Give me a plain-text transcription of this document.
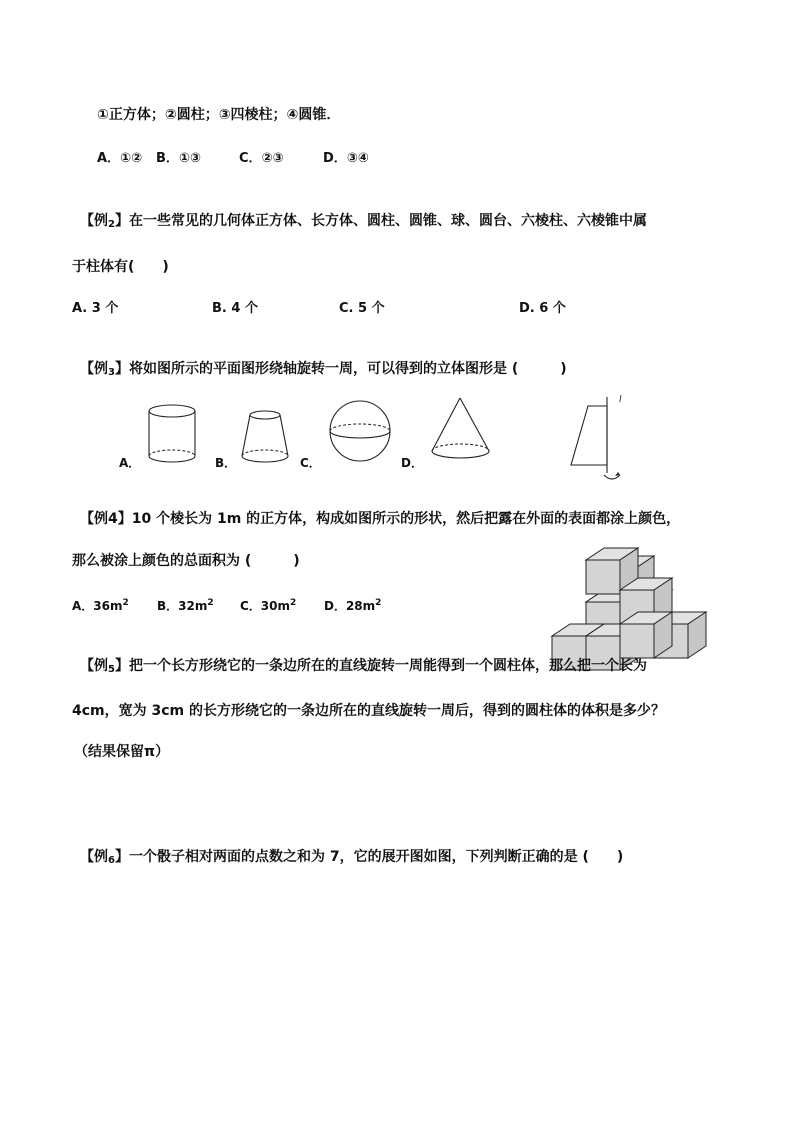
①正方体；②圆柱；③四棱柱；④圆锥．
A．①② B．①③	C．②③	D．③④
【例2】在一些常见的几何体正方体、长方体、圆柱、圆锥、球、圆台、六棱柱、六棱锥中属
于柱体有(　　)
A. 3 个	B. 4 个	C. 5 个	D. 6 个
【例3】将如图所示的平面图形绕轴旋转一周，可以得到的立体图形是 (　　　)
A．	B．	C．	D．
l
【例4】10 个棱长为 1m 的正方体，构成如图所示的形状，然后把露在外面的表面都涂上颜色，
那么被涂上颜色的总面积为 (　　　)
A．$36m^2$ B．$32m^2$ C．$30m^2$ D．$28m^2$
【例5】把一个长方形绕它的一条边所在的直线旋转一周能得到一个圆柱体，那么把一个长为
4cm，宽为 3cm 的长方形绕它的一条边所在的直线旋转一周后，得到的圆柱体的体积是多少？
（结果保留π）
【例6】一个骰子相对两面的点数之和为 7，它的展开图如图，下列判断正确的是 (　　)
